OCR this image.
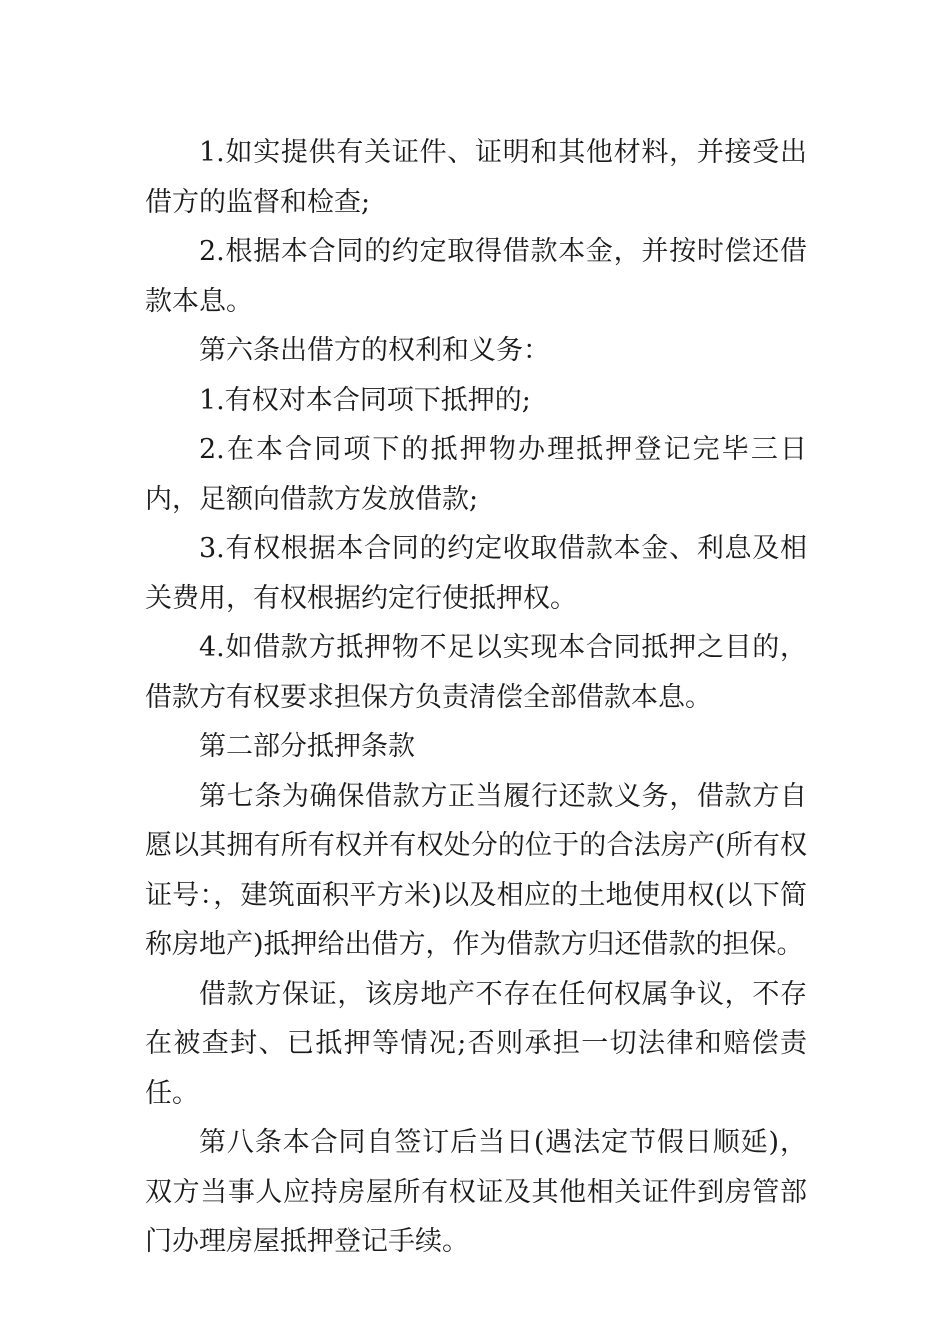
1.如实提供有关证件、证明和其他材料，并接受出借方的监督和检查;

2.根据本合同的约定取得借款本金，并按时偿还借款本息。

第六条出借方的权利和义务：

1.有权对本合同项下抵押的;

2.在本合同项下的抵押物办理抵押登记完毕三日内，足额向借款方发放借款;

3.有权根据本合同的约定收取借款本金、利息及相关费用，有权根据约定行使抵押权。

4.如借款方抵押物不足以实现本合同抵押之目的，借款方有权要求担保方负责清偿全部借款本息。

第二部分抵押条款

第七条为确保借款方正当履行还款义务，借款方自愿以其拥有所有权并有权处分的位于的合法房产(所有权证号：，建筑面积平方米)以及相应的土地使用权(以下简称房地产)抵押给出借方，作为借款方归还借款的担保。

借款方保证，该房地产不存在任何权属争议，不存在被查封、已抵押等情况;否则承担一切法律和赔偿责任。

第八条本合同自签订后当日(遇法定节假日顺延)，双方当事人应持房屋所有权证及其他相关证件到房管部门办理房屋抵押登记手续。
